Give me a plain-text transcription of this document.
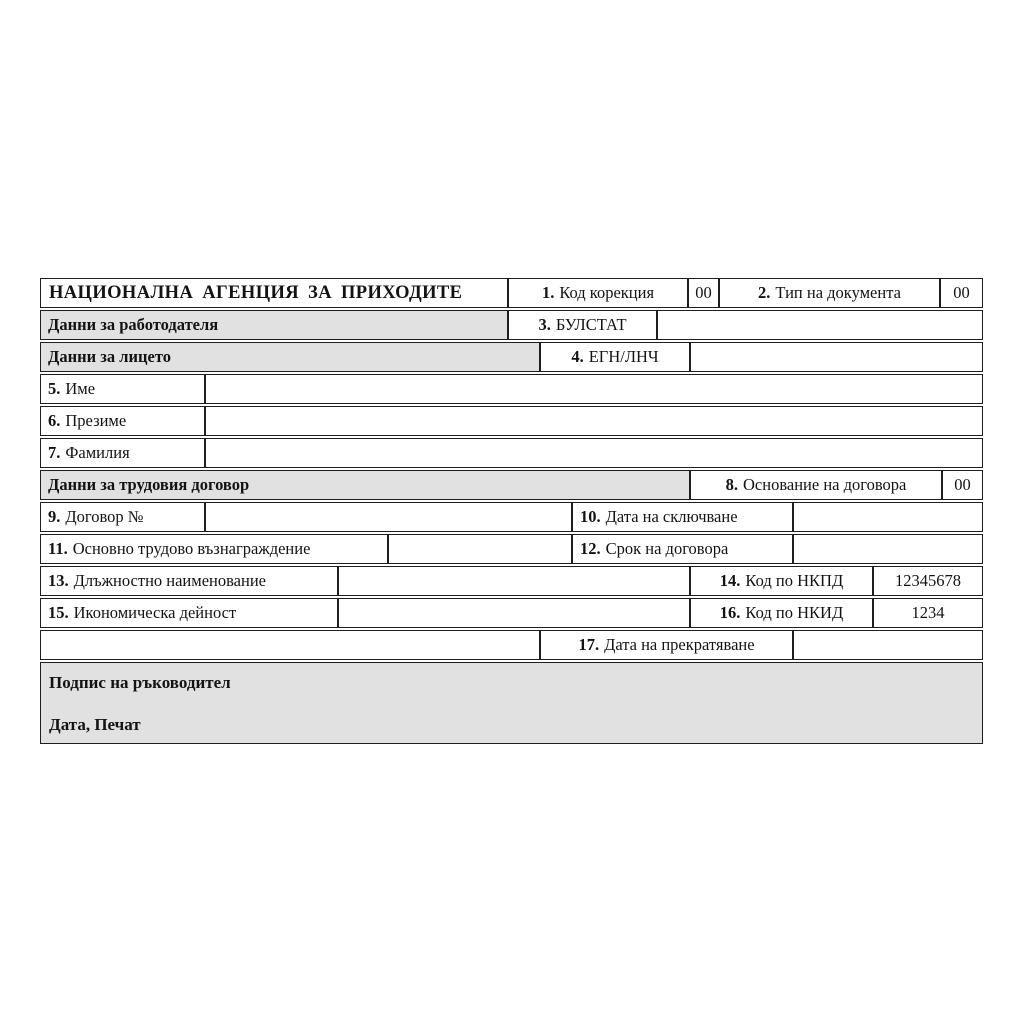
НАЦИОНАЛНА АГЕНЦИЯ ЗА ПРИХОДИТЕ	1. Код корекция	00	2. Тип на документа	00
Данни за работодателя	3. БУЛСТАТ
Данни за лицето	4. ЕГН/ЛНЧ
5. Име
6. Презиме
7. Фамилия
Данни за трудовия договор	8. Основание на договора	00
9. Договор №	10. Дата на сключване
11. Основно трудово възнаграждение	12. Срок на договора
13. Длъжностно наименование	14. Код по НКПД	12345678
15. Икономическа дейност	16. Код по НКИД	1234
17. Дата на прекратяване
Подпис на ръководител
Дата, Печат
